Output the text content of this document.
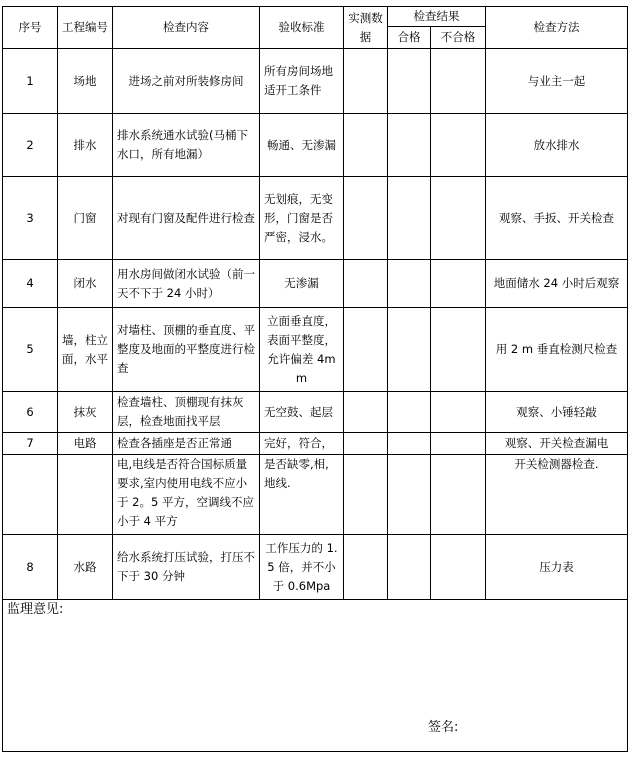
序号	工程编号	检查内容	验收标准	实测数据	检查结果		检查方法
					合格	不合格	
1	场地	进场之前对所装修房间	所有房间场地适开工条件				与业主一起
2	排水	排水系统通水试验(马桶下水口，所有地漏）	畅通、无渗漏				放水排水
3	门窗	对现有门窗及配件进行检查	无划痕，无变形，门窗是否严密，浸水。				观察、手扳、开关检查
4	闭水	用水房间做闭水试验（前一天不下于 24 小时）	无渗漏				地面储水 24 小时后观察
5	墙，柱立面，水平	对墙柱、顶棚的垂直度、平整度及地面的平整度进行检查	立面垂直度，表面平整度，允许偏差 4mm				用 2 m 垂直检测尺检查
6	抹灰	检查墙柱、顶棚现有抹灰层，检查地面找平层	无空鼓、起层				观察、小锤轻敲
7	电路	检查各插座是否正常通	完好，符合，				观察、开关检查漏电
		电,电线是否符合国标质量要求,室内使用电线不应小于 2。5 平方，空调线不应小于 4 平方	是否缺零,相,地线.				开关检测器检查.
8	水路	给水系统打压试验，打压不下于 30 分钟	工作压力的 1.5 倍，并不小于 0.6Mpa				压力表
监理意见:
签名:							
